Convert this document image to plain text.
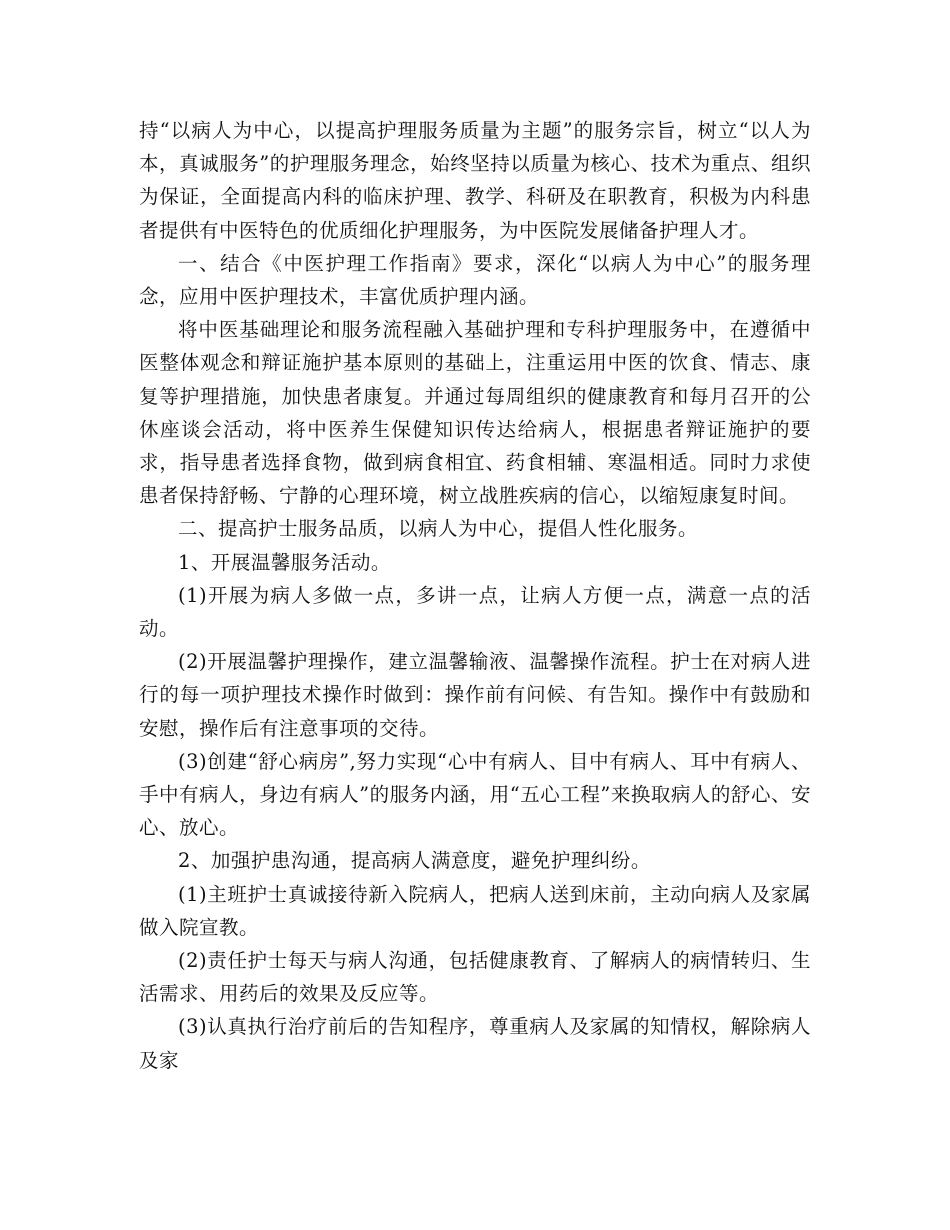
持“以病人为中心，以提高护理服务质量为主题”的服务宗旨，树立“以人为本，真诚服务”的护理服务理念，始终坚持以质量为核心、技术为重点、组织为保证，全面提高内科的临床护理、教学、科研及在职教育，积极为内科患者提供有中医特色的优质细化护理服务，为中医院发展储备护理人才。

一、结合《中医护理工作指南》要求，深化“以病人为中心”的服务理念，应用中医护理技术，丰富优质护理内涵。

将中医基础理论和服务流程融入基础护理和专科护理服务中，在遵循中医整体观念和辩证施护基本原则的基础上，注重运用中医的饮食、情志、康复等护理措施，加快患者康复。并通过每周组织的健康教育和每月召开的公休座谈会活动，将中医养生保健知识传达给病人，根据患者辩证施护的要求，指导患者选择食物，做到病食相宜、药食相辅、寒温相适。同时力求使患者保持舒畅、宁静的心理环境，树立战胜疾病的信心，以缩短康复时间。

二、提高护士服务品质，以病人为中心，提倡人性化服务。

1、开展温馨服务活动。

(1)开展为病人多做一点，多讲一点，让病人方便一点，满意一点的活动。

(2)开展温馨护理操作，建立温馨输液、温馨操作流程。护士在对病人进行的每一项护理技术操作时做到：操作前有问候、有告知。操作中有鼓励和安慰，操作后有注意事项的交待。

(3)创建“舒心病房”,努力实现“心中有病人、目中有病人、耳中有病人、手中有病人，身边有病人”的服务内涵，用“五心工程”来换取病人的舒心、安心、放心。

2、加强护患沟通，提高病人满意度，避免护理纠纷。

(1)主班护士真诚接待新入院病人，把病人送到床前，主动向病人及家属做入院宣教。

(2)责任护士每天与病人沟通，包括健康教育、了解病人的病情转归、生活需求、用药后的效果及反应等。

(3)认真执行治疗前后的告知程序，尊重病人及家属的知情权，解除病人及家
